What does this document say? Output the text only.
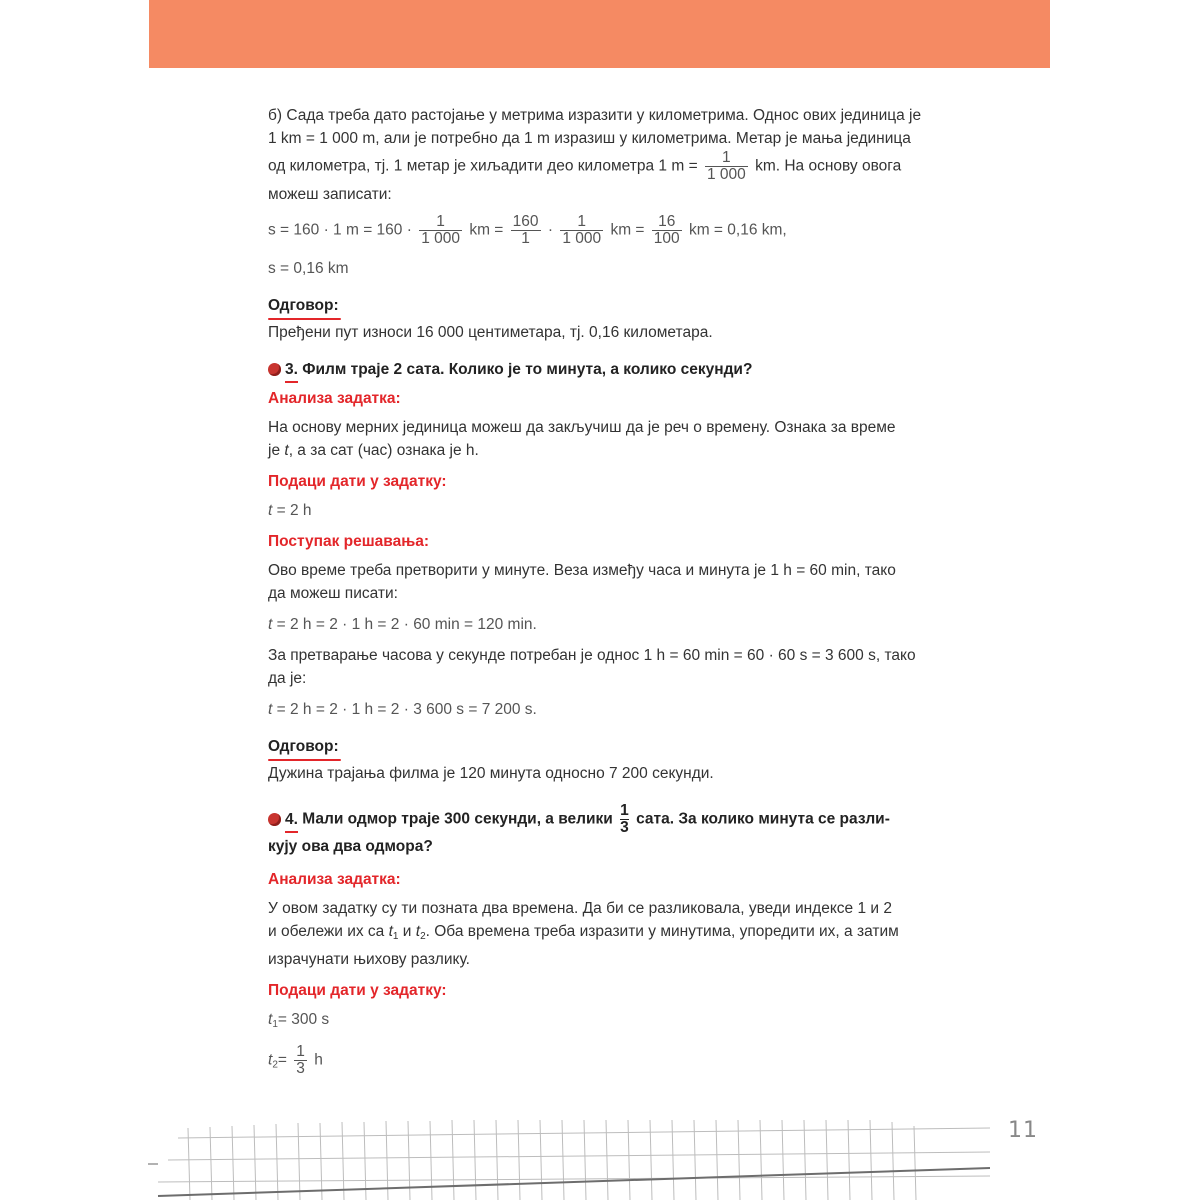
б) Сада треба дато растојање у метрима изразити у километрима. Однос ових јединица је
1 km = 1 000 m, али је потребно да 1 m изразиш у километрима. Метар је мања јединица
од километра, тј. 1 метар је хиљадити део километра 1 $m = \frac{1}{1 000}$ km. На основу овога
можеш записати:

s = 160 · 1 $m = 160 \cdot \frac{1}{1 000}$ km = $\frac{160}{1} \cdot \frac{1}{1 000}$ km = $\frac{16}{100}$ km = 0,16 km,

s = 0,16 km

Одговор:

Пређени пут износи 16 000 центиметара, тј. 0,16 километара.

3. Филм траје 2 сата. Колико је то минута, а колико секунди?
Анализа задатка:

На основу мерних јединица можеш да закључиш да је реч о времену. Ознака за време
је t, а за сат (час) ознака је h.

Подаци дати у задатку:

t = 2 h

Поступак решавања:

Ово време треба претворити у минуте. Веза између часа и минута је 1 h = 60 min, тако
да можеш писати:

t = 2 h = 2 · 1 h = 2 · 60 min = 120 min.

За претварање часова у секунде потребан је однос 1 h = 60 min = 60 · 60 s = 3 600 s, тако
да је:

t = 2 h = 2 · 1 h = 2 · 3 600 s = 7 200 s.

Одговор:

Дужина трајања филма је 120 минута односно 7 200 секунди.

4. Мали одмор траје 300 секунди, а велики $\frac{1}{3}$ сата. За колико минута се разли-
кују ова два одмора?
Анализа задатка:

У овом задатку су ти позната два времена. Да би се разликовала, уведи индексе 1 и 2
и обележи их са $t_1$ и $t_2$. Оба времена треба изразити у минутима, упоредити их, а затим
израчунати њихову разлику.

Подаци дати у задатку:

$t_1= 300$ s

$t_2= \frac{1}{3}$ h

11
